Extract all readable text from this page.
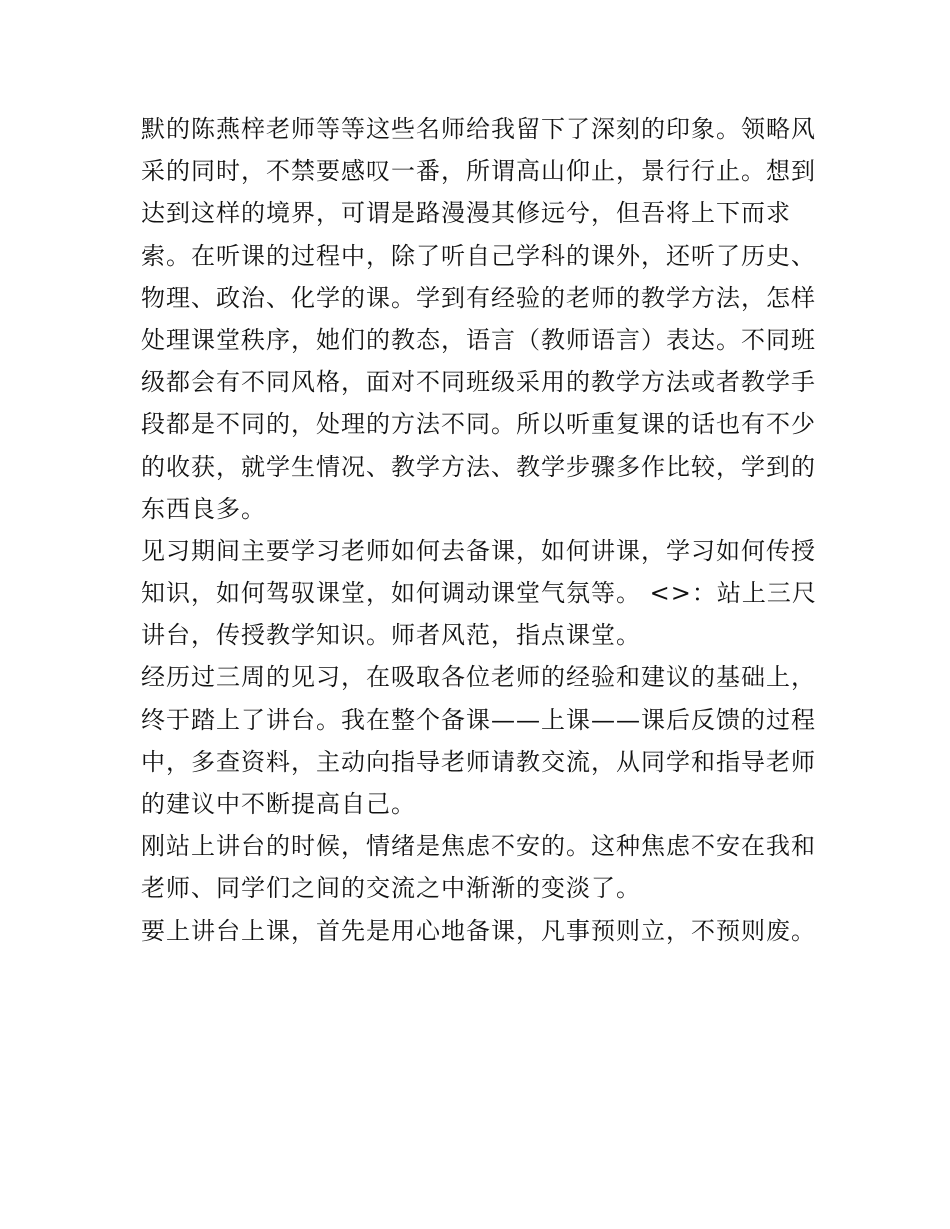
默的陈燕梓老师等等这些名师给我留下了深刻的印象。领略风
采的同时，不禁要感叹一番，所谓高山仰止，景行行止。想到
达到这样的境界，可谓是路漫漫其修远兮，但吾将上下而求
索。在听课的过程中，除了听自己学科的课外，还听了历史、
物理、政治、化学的课。学到有经验的老师的教学方法，怎样
处理课堂秩序，她们的教态，语言（教师语言）表达。不同班
级都会有不同风格，面对不同班级采用的教学方法或者教学手
段都是不同的，处理的方法不同。所以听重复课的话也有不少
的收获，就学生情况、教学方法、教学步骤多作比较，学到的
东西良多。
见习期间主要学习老师如何去备课，如何讲课，学习如何传授
知识，如何驾驭课堂，如何调动课堂气氛等。 <>：站上三尺
讲台，传授教学知识。师者风范，指点课堂。
经历过三周的见习，在吸取各位老师的经验和建议的基础上，
终于踏上了讲台。我在整个备课——上课——课后反馈的过程
中，多查资料，主动向指导老师请教交流，从同学和指导老师
的建议中不断提高自己。
刚站上讲台的时候，情绪是焦虑不安的。这种焦虑不安在我和
老师、同学们之间的交流之中渐渐的变淡了。
要上讲台上课，首先是用心地备课，凡事预则立，不预则废。
